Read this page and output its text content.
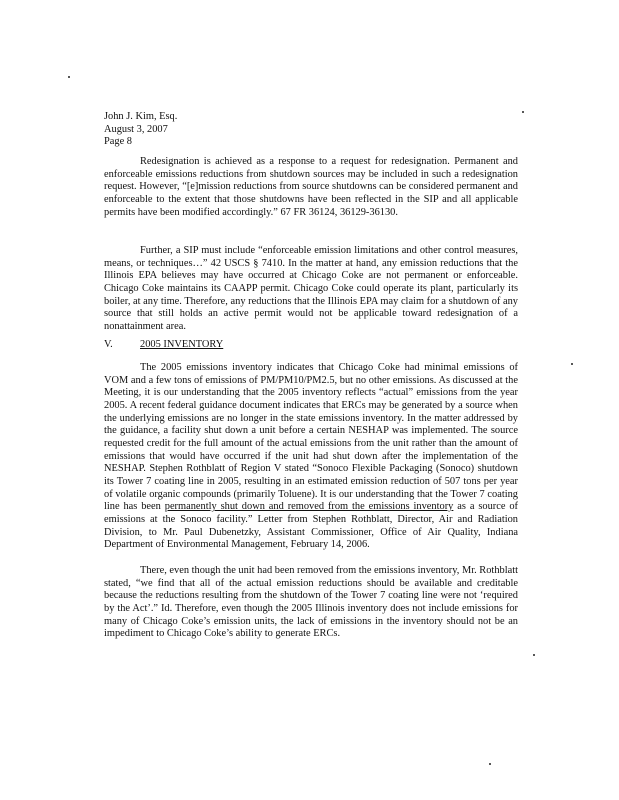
John J. Kim, Esq.
August 3, 2007
Page 8

Redesignation is achieved as a response to a request for redesignation. Permanent and enforceable emissions reductions from shutdown sources may be included in such a redesignation request. However, “[e]mission reductions from source shutdowns can be considered permanent and enforceable to the extent that those shutdowns have been reflected in the SIP and all applicable permits have been modified accordingly.” 67 FR 36124, 36129-36130.

Further, a SIP must include “enforceable emission limitations and other control measures, means, or techniques…” 42 USCS § 7410. In the matter at hand, any emission reductions that the Illinois EPA believes may have occurred at Chicago Coke are not permanent or enforceable. Chicago Coke maintains its CAAPP permit. Chicago Coke could operate its plant, particularly its boiler, at any time. Therefore, any reductions that the Illinois EPA may claim for a shutdown of any source that still holds an active permit would not be applicable toward redesignation of a nonattainment area.

V.	2005 INVENTORY

The 2005 emissions inventory indicates that Chicago Coke had minimal emissions of VOM and a few tons of emissions of PM/PM10/PM2.5, but no other emissions. As discussed at the Meeting, it is our understanding that the 2005 inventory reflects “actual” emissions from the year 2005. A recent federal guidance document indicates that ERCs may be generated by a source when the underlying emissions are no longer in the state emissions inventory. In the matter addressed by the guidance, a facility shut down a unit before a certain NESHAP was implemented. The source requested credit for the full amount of the actual emissions from the unit rather than the amount of emissions that would have occurred if the unit had shut down after the implementation of the NESHAP. Stephen Rothblatt of Region V stated “Sonoco Flexible Packaging (Sonoco) shutdown its Tower 7 coating line in 2005, resulting in an estimated emission reduction of 507 tons per year of volatile organic compounds (primarily Toluene). It is our understanding that the Tower 7 coating line has been permanently shut down and removed from the emissions inventory as a source of emissions at the Sonoco facility.” Letter from Stephen Rothblatt, Director, Air and Radiation Division, to Mr. Paul Dubenetzky, Assistant Commissioner, Office of Air Quality, Indiana Department of Environmental Management, February 14, 2006.

There, even though the unit had been removed from the emissions inventory, Mr. Rothblatt stated, “we find that all of the actual emission reductions should be available and creditable because the reductions resulting from the shutdown of the Tower 7 coating line were not ‘required by the Act’.” Id. Therefore, even though the 2005 Illinois inventory does not include emissions for many of Chicago Coke’s emission units, the lack of emissions in the inventory should not be an impediment to Chicago Coke’s ability to generate ERCs.
